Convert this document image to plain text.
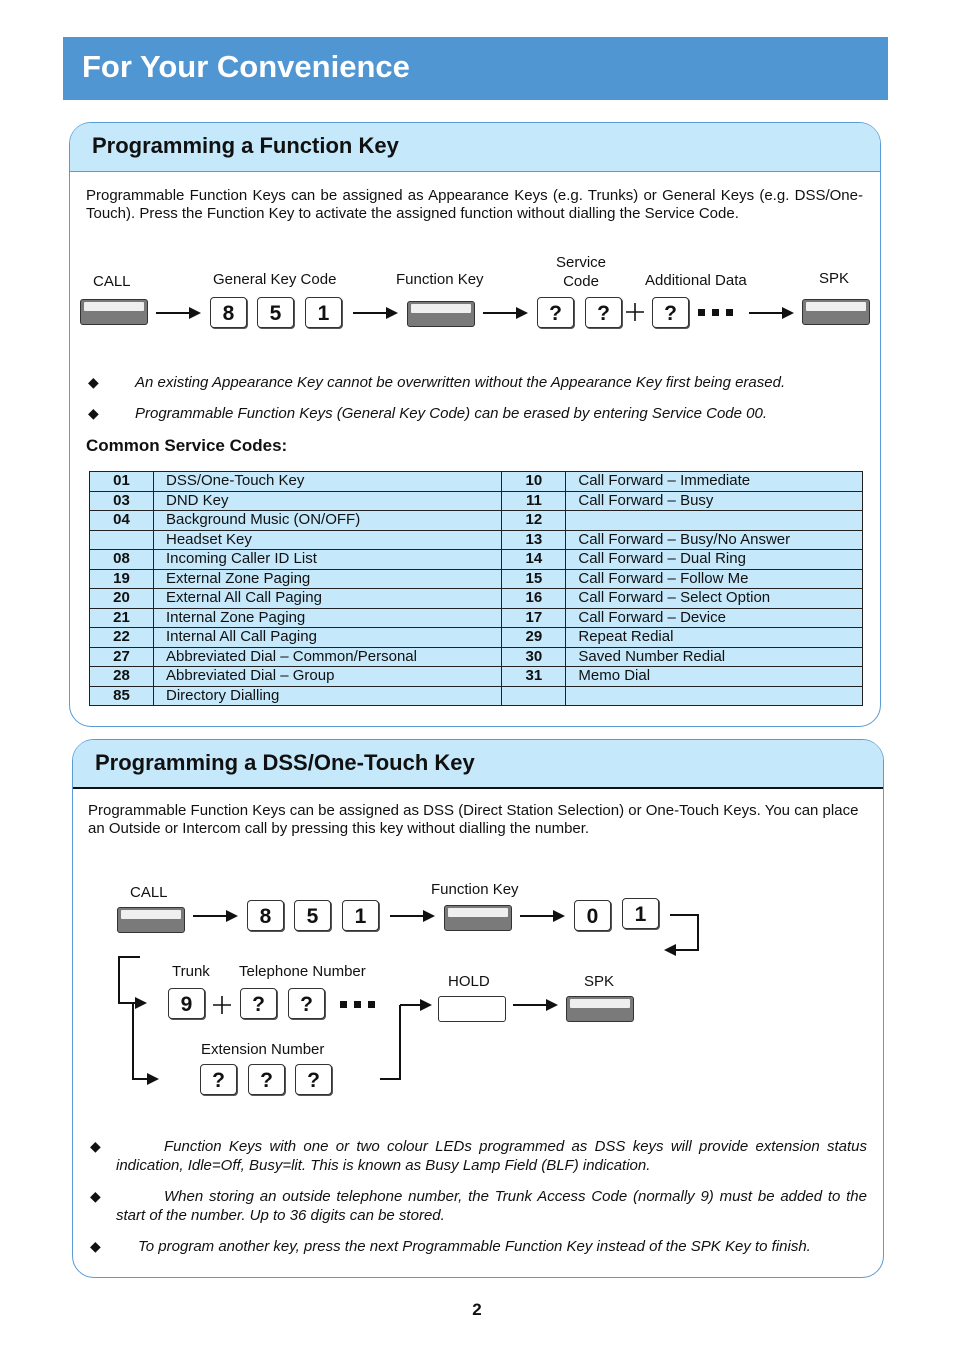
For Your Convenience
Programming a Function Key

Programmable Function Keys can be assigned as Appearance Keys (e.g. Trunks) or General Keys (e.g. DSS/One-Touch). Press the Function Key to activate the assigned function without dialling the Service Code.

CALL	General Key Code	Function Key
Service Code	Additional Data	SPK
8	5	1	?	?	?
◆	An existing Appearance Key cannot be overwritten without the Appearance Key first being erased.
◆	Programmable Function Keys (General Key Code) can be erased by entering Service Code 00.
Common Service Codes:
01	DSS/One-Touch Key	10	Call Forward – Immediate
03	DND Key	11	Call Forward – Busy
04	Background Music (ON/OFF)	12	
	Headset Key	13	Call Forward – Busy/No Answer
08	Incoming Caller ID List	14	Call Forward – Dual Ring
19	External Zone Paging	15	Call Forward – Follow Me
20	External All Call Paging	16	Call Forward – Select Option
21	Internal Zone Paging	17	Call Forward – Device
22	Internal All Call Paging	29	Repeat Redial
27	Abbreviated Dial – Common/Personal	30	Saved Number Redial
28	Abbreviated Dial – Group	31	Memo Dial
85	Directory Dialling		
Programming a DSS/One-Touch Key

Programmable Function Keys can be assigned as DSS (Direct Station Selection) or One-Touch Keys. You can place an Outside or Intercom call by pressing this key without dialling the number.

CALL	Function Key
8	5	1	0	1
Trunk Telephone Number
HOLD	SPK
9	?	?
Extension Number
?	?	?
◆	Function Keys with one or two colour LEDs programmed as DSS keys will provide extension status indication, Idle=Off, Busy=lit. This is known as Busy Lamp Field (BLF) indication.
◆	When storing an outside telephone number, the Trunk Access Code (normally 9) must be added to the start of the number. Up to 36 digits can be stored.
◆	To program another key, press the next Programmable Function Key instead of the SPK Key to finish.
2
